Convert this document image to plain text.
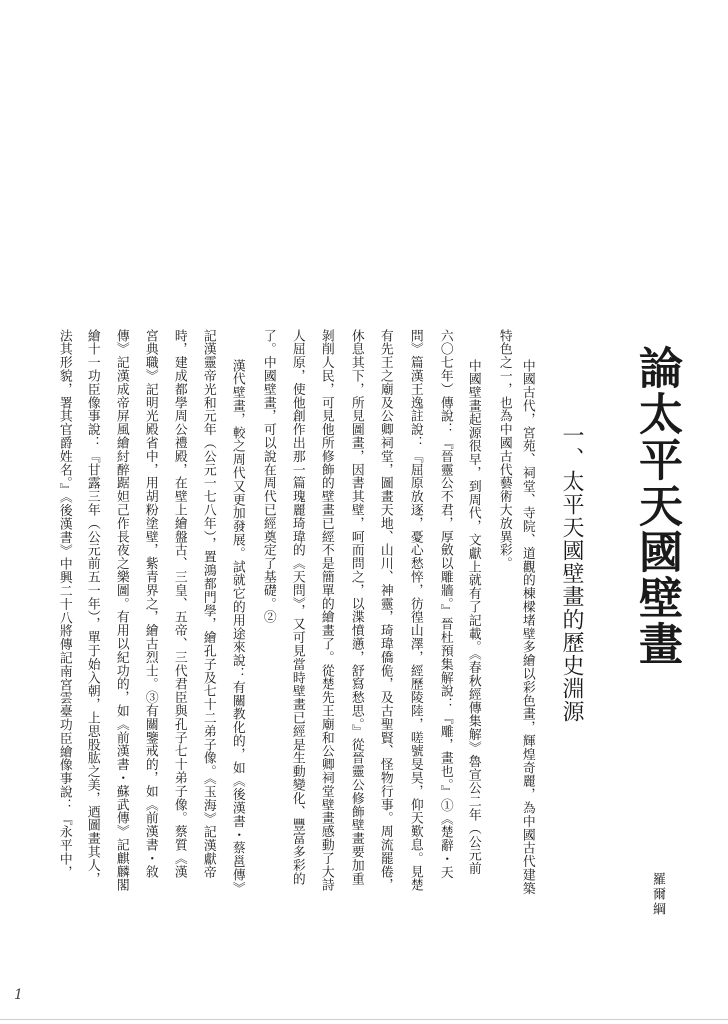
論太平天國壁畫
羅爾綱
一、太平天國壁畫的歷史淵源
中國古代，宮苑、祠堂、寺院、道觀的棟樑堵壁多繪以彩色畫，輝煌奇麗，為中國古代建築
特色之一，也為中國古代藝術大放異彩。
中國壁畫起源很早，到周代，文獻上就有了記載。《春秋經傳集解》魯宣公二年（公元前
六〇七年）傳說：『晉靈公不君，厚斂以雕牆。』晉杜預集解說：『雕，畫也。』①《楚辭・天
問》篇漢王逸註說：『屈原放逐，憂心愁悴，彷徨山澤，經歷陵陸，嗟號旻昊，仰天歎息。見楚
有先王之廟及公卿祠堂，圖畫天地、山川、神靈，琦瑋僑佹，及古聖賢、怪物行事。周流罷倦，
休息其下，所見圖畫，因書其壁，呵而問之，以渫憤懣，舒寫愁思。』從晉靈公修飾壁畫要加重
剝削人民，可見他所修飾的壁畫已經不是簡單的繪畫了。從楚先王廟和公卿祠堂壁畫感動了大詩
人屈原，使他創作出那一篇瑰麗琦瑋的《天問》，又可見當時壁畫已經是生動變化、豐富多彩的
了。中國壁畫，可以說在周代已經奠定了基礎。②
漢代壁畫，較之周代又更加發展。試就它的用途來說：有關教化的，如《後漢書・蔡邕傳》
記漢靈帝光和元年（公元一七八年），置鴻都門學，繪孔子及七十二弟子像。《玉海》記漢獻帝
時，建成都學周公禮殿，在壁上繪盤古、三皇、五帝、三代君臣與孔子七十弟子像。蔡質《漢
宮典職》記明光殿省中，用胡粉塗壁，紫青界之，繪古烈士。③有關鑒戒的，如《前漢書・敘
傳》記漢成帝屏風繪紂醉踞妲己作長夜之樂圖。有用以紀功的，如《前漢書・蘇武傳》記麒麟閣
繪十一功臣像事說：『甘露三年（公元前五一年），單于始入朝，上思股肱之美，迺圖畫其人，
法其形貌，署其官爵姓名。』《後漢書》中興二十八將傳記南宮雲臺功臣繪像事說：『永平中，
1
